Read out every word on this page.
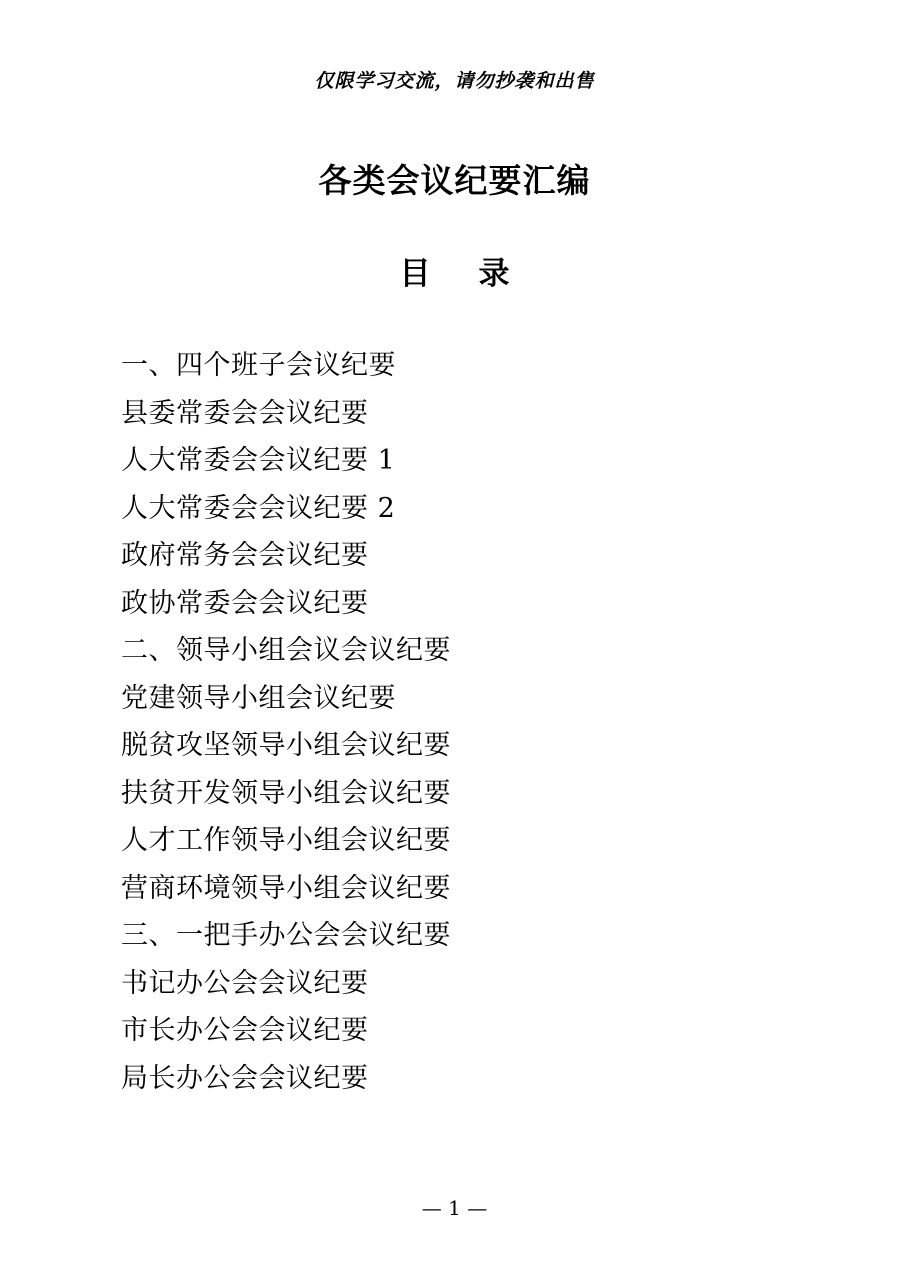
仅限学习交流，请勿抄袭和出售
各类会议纪要汇编
目 录
一、四个班子会议纪要
县委常委会会议纪要
人大常委会会议纪要 1
人大常委会会议纪要 2
政府常务会会议纪要
政协常委会会议纪要
二、领导小组会议会议纪要
党建领导小组会议纪要
脱贫攻坚领导小组会议纪要
扶贫开发领导小组会议纪要
人才工作领导小组会议纪要
营商环境领导小组会议纪要
三、一把手办公会会议纪要
书记办公会会议纪要
市长办公会会议纪要
局长办公会会议纪要
— 1 —
